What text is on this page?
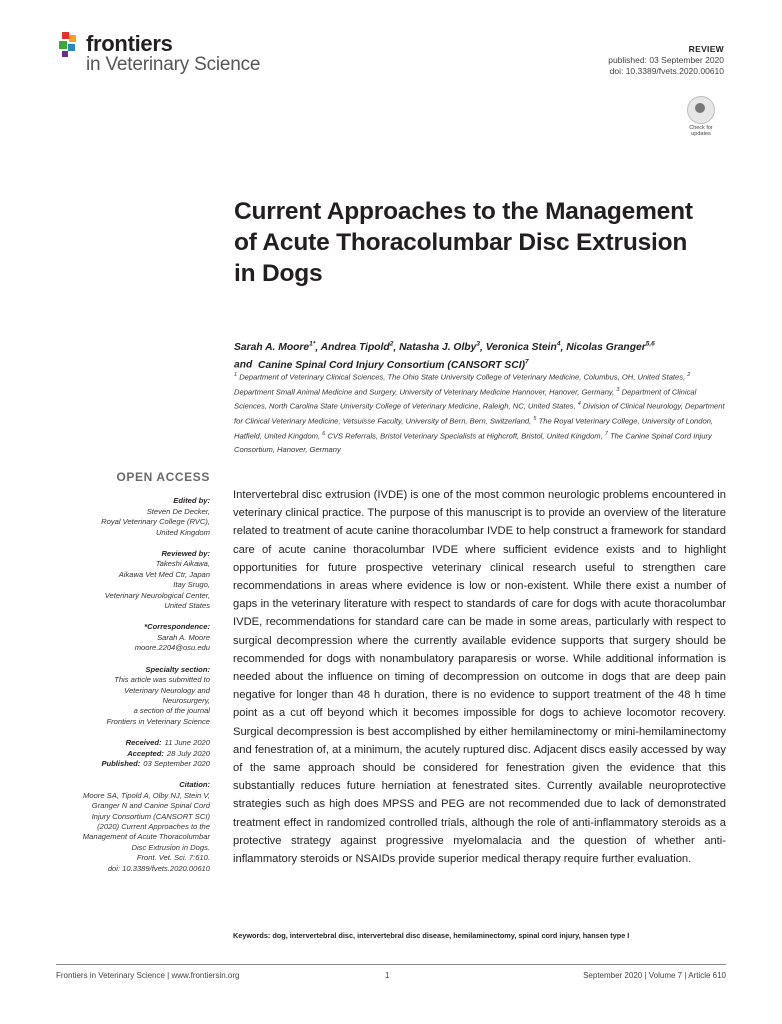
frontiers
in Veterinary Science
REVIEW
published: 03 September 2020
doi: 10.3389/fvets.2020.00610
Check for updates
Current Approaches to the Management of Acute Thoracolumbar Disc Extrusion in Dogs
Sarah A. Moore$^{1*}$, Andrea Tipold$^2$, Natasha J. Olby$^3$, Veronica Stein$^4$, Nicolas Granger$^{5,6}$
and  Canine Spinal Cord Injury Consortium (CANSORT SCI)$^7$
$^1$ Department of Veterinary Clinical Sciences, The Ohio State University College of Veterinary Medicine, Columbus, OH, United States, $^2$ Department Small Animal Medicine and Surgery, University of Veterinary Medicine Hannover, Hanover, Germany, $^3$ Department of Clinical Sciences, North Carolina State University College of Veterinary Medicine, Raleigh, NC, United States, $^4$ Division of Clinical Neurology, Department for Clinical Veterinary Medicine, Vetsuisse Faculty, University of Bern, Bern, Switzerland, $^5$ The Royal Veterinary College, University of London, Hatfield, United Kingdom, $^6$ CVS Referrals, Bristol Veterinary Specialists at Highcroft, Bristol, United Kingdom, $^7$ The Canine Spinal Cord Injury Consortium, Hanover, Germany
OPEN ACCESS
Edited by:
Steven De Decker,
Royal Veterinary College (RVC),
United Kingdom
Reviewed by:
Takeshi Aikawa,
Aikawa Vet Med Ctr, Japan
Itay Srugo,
Veterinary Neurological Center,
United States
*Correspondence:
Sarah A. Moore
moore.2204@osu.edu
Specialty section:
This article was submitted to
Veterinary Neurology and
Neurosurgery,
a section of the journal
Frontiers in Veterinary Science
Received: 11 June 2020
Accepted: 28 July 2020
Published: 03 September 2020
Citation:
Moore SA, Tipold A, Olby NJ, Stein V,
Granger N and Canine Spinal Cord
Injury Consortium (CANSORT SCI)
(2020) Current Approaches to the
Management of Acute Thoracolumbar
Disc Extrusion in Dogs.
Front. Vet. Sci. 7:610.
doi: 10.3389/fvets.2020.00610
Intervertebral disc extrusion (IVDE) is one of the most common neurologic problems encountered in veterinary clinical practice. The purpose of this manuscript is to provide an overview of the literature related to treatment of acute canine thoracolumbar IVDE to help construct a framework for standard care of acute canine thoracolumbar IVDE where sufficient evidence exists and to highlight opportunities for future prospective veterinary clinical research useful to strengthen care recommendations in areas where evidence is low or non-existent. While there exist a number of gaps in the veterinary literature with respect to standards of care for dogs with acute thoracolumbar IVDE, recommendations for standard care can be made in some areas, particularly with respect to surgical decompression where the currently available evidence supports that surgery should be recommended for dogs with nonambulatory paraparesis or worse. While additional information is needed about the influence on timing of decompression on outcome in dogs that are deep pain negative for longer than 48 h duration, there is no evidence to support treatment of the 48 h time point as a cut off beyond which it becomes impossible for dogs to achieve locomotor recovery. Surgical decompression is best accomplished by either hemilaminectomy or mini-hemilaminectomy and fenestration of, at a minimum, the acutely ruptured disc. Adjacent discs easily accessed by way of the same approach should be considered for fenestration given the evidence that this substantially reduces future herniation at fenestrated sites. Currently available neuroprotective strategies such as high does MPSS and PEG are not recommended due to lack of demonstrated treatment effect in randomized controlled trials, although the role of anti-inflammatory steroids as a protective strategy against progressive myelomalacia and the question of whether anti-inflammatory steroids or NSAIDs provide superior medical therapy require further evaluation.
Keywords: dog, intervertebral disc, intervertebral disc disease, hemilaminectomy, spinal cord injury, hansen type I
Frontiers in Veterinary Science | www.frontiersin.org	1	September 2020 | Volume 7 | Article 610
